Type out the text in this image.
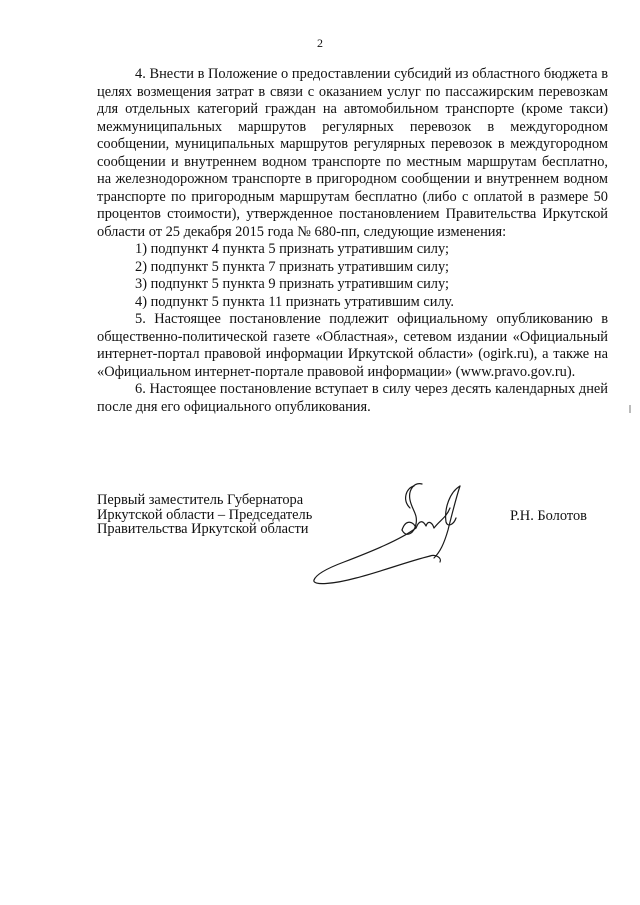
2

4. Внести в Положение о предоставлении субсидий из областного бюджета в целях возмещения затрат в связи с оказанием услуг по пассажирским перевозкам для отдельных категорий граждан на автомобильном транспорте (кроме такси) межмуниципальных маршрутов регулярных перевозок в междугородном сообщении, муниципальных маршрутов регулярных перевозок в междугородном сообщении и внутреннем водном транспорте по местным маршрутам бесплатно, на железнодорожном транспорте в пригородном сообщении и внутреннем водном транспорте по пригородным маршрутам бесплатно (либо с оплатой в размере 50 процентов стоимости), утвержденное постановлением Правительства Иркутской области от 25 декабря 2015 года № 680-пп, следующие изменения:

1) подпункт 4 пункта 5 признать утратившим силу;

2) подпункт 5 пункта 7 признать утратившим силу;

3) подпункт 5 пункта 9 признать утратившим силу;

4) подпункт 5 пункта 11 признать утратившим силу.

5. Настоящее постановление подлежит официальному опубликованию в общественно-политической газете «Областная», сетевом издании «Официальный интернет-портал правовой информации Иркутской области» (ogirk.ru), а также на «Официальном интернет-портале правовой информации» (www.pravo.gov.ru).

6. Настоящее постановление вступает в силу через десять календарных дней после дня его официального опубликования.

Первый заместитель Губернатора
Иркутской области – Председатель
Правительства Иркутской области
Р.Н. Болотов
